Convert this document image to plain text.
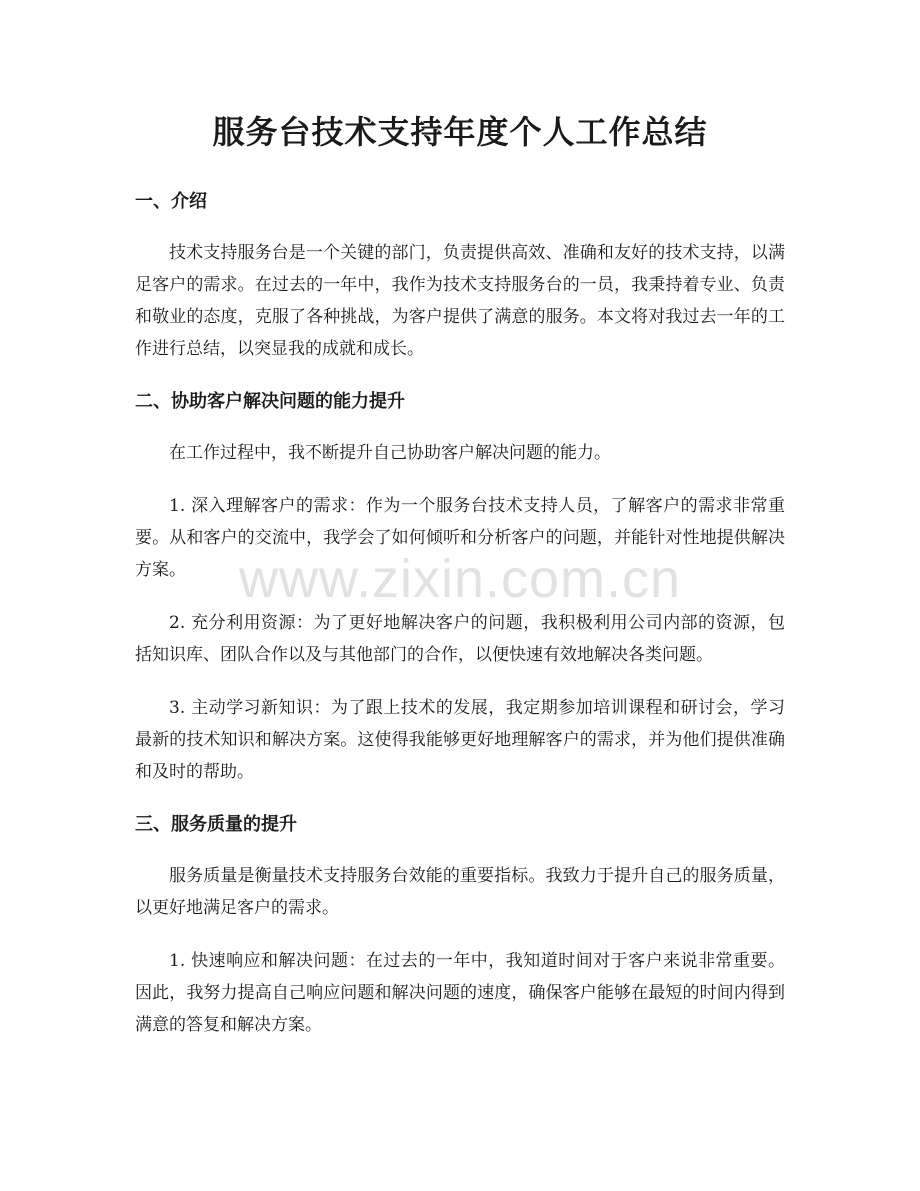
服务台技术支持年度个人工作总结
一、介绍

技术支持服务台是一个关键的部门，负责提供高效、准确和友好的技术支持，以满足客户的需求。在过去的一年中，我作为技术支持服务台的一员，我秉持着专业、负责和敬业的态度，克服了各种挑战，为客户提供了满意的服务。本文将对我过去一年的工作进行总结，以突显我的成就和成长。

二、协助客户解决问题的能力提升

在工作过程中，我不断提升自己协助客户解决问题的能力。

1. 深入理解客户的需求：作为一个服务台技术支持人员，了解客户的需求非常重要。从和客户的交流中，我学会了如何倾听和分析客户的问题，并能针对性地提供解决方案。

2. 充分利用资源：为了更好地解决客户的问题，我积极利用公司内部的资源，包括知识库、团队合作以及与其他部门的合作，以便快速有效地解决各类问题。

3. 主动学习新知识：为了跟上技术的发展，我定期参加培训课程和研讨会，学习最新的技术知识和解决方案。这使得我能够更好地理解客户的需求，并为他们提供准确和及时的帮助。

三、服务质量的提升

服务质量是衡量技术支持服务台效能的重要指标。我致力于提升自己的服务质量，以更好地满足客户的需求。

1. 快速响应和解决问题：在过去的一年中，我知道时间对于客户来说非常重要。因此，我努力提高自己响应问题和解决问题的速度，确保客户能够在最短的时间内得到满意的答复和解决方案。

www.zixin.com.cn
